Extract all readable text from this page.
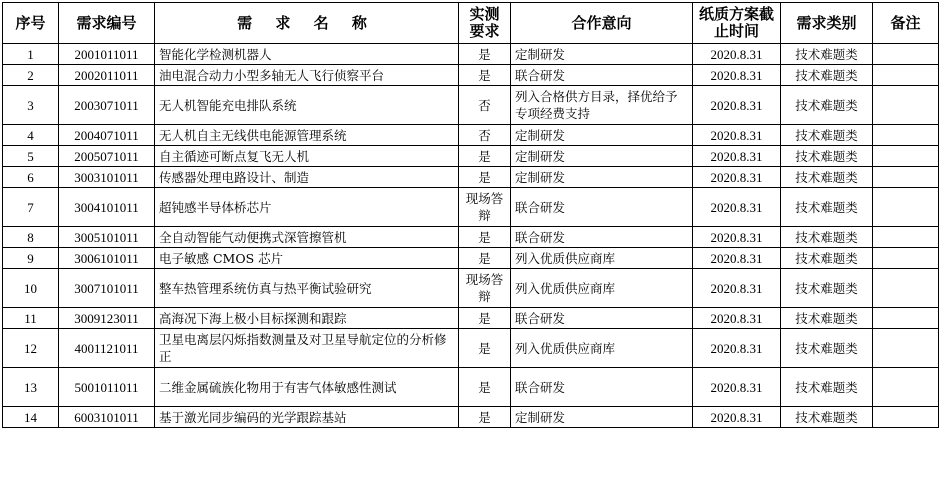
序号	需求编号	需 求 名 称	实测要求	合作意向	纸质方案截止时间	需求类别	备注
1	2001011011	智能化学检测机器人	是	定制研发	2020.8.31	技术难题类	
2	2002011011	油电混合动力小型多轴无人飞行侦察平台	是	联合研发	2020.8.31	技术难题类	
3	2003071011	无人机智能充电排队系统	否	列入合格供方目录，择优给予专项经费支持	2020.8.31	技术难题类	
4	2004071011	无人机自主无线供电能源管理系统	否	定制研发	2020.8.31	技术难题类	
5	2005071011	自主循迹可断点复飞无人机	是	定制研发	2020.8.31	技术难题类	
6	3003101011	传感器处理电路设计、制造	是	定制研发	2020.8.31	技术难题类	
7	3004101011	超钝感半导体桥芯片	现场答辩	联合研发	2020.8.31	技术难题类	
8	3005101011	全自动智能气动便携式深管擦管机	是	联合研发	2020.8.31	技术难题类	
9	3006101011	电子敏感 CMOS 芯片	是	列入优质供应商库	2020.8.31	技术难题类	
10	3007101011	整车热管理系统仿真与热平衡试验研究	现场答辩	列入优质供应商库	2020.8.31	技术难题类	
11	3009123011	高海况下海上极小目标探测和跟踪	是	联合研发	2020.8.31	技术难题类	
12	4001121011	卫星电离层闪烁指数测量及对卫星导航定位的分析修正	是	列入优质供应商库	2020.8.31	技术难题类	
13	5001011011	二维金属硫族化物用于有害气体敏感性测试	是	联合研发	2020.8.31	技术难题类	
14	6003101011	基于激光同步编码的光学跟踪基站	是	定制研发	2020.8.31	技术难题类	
